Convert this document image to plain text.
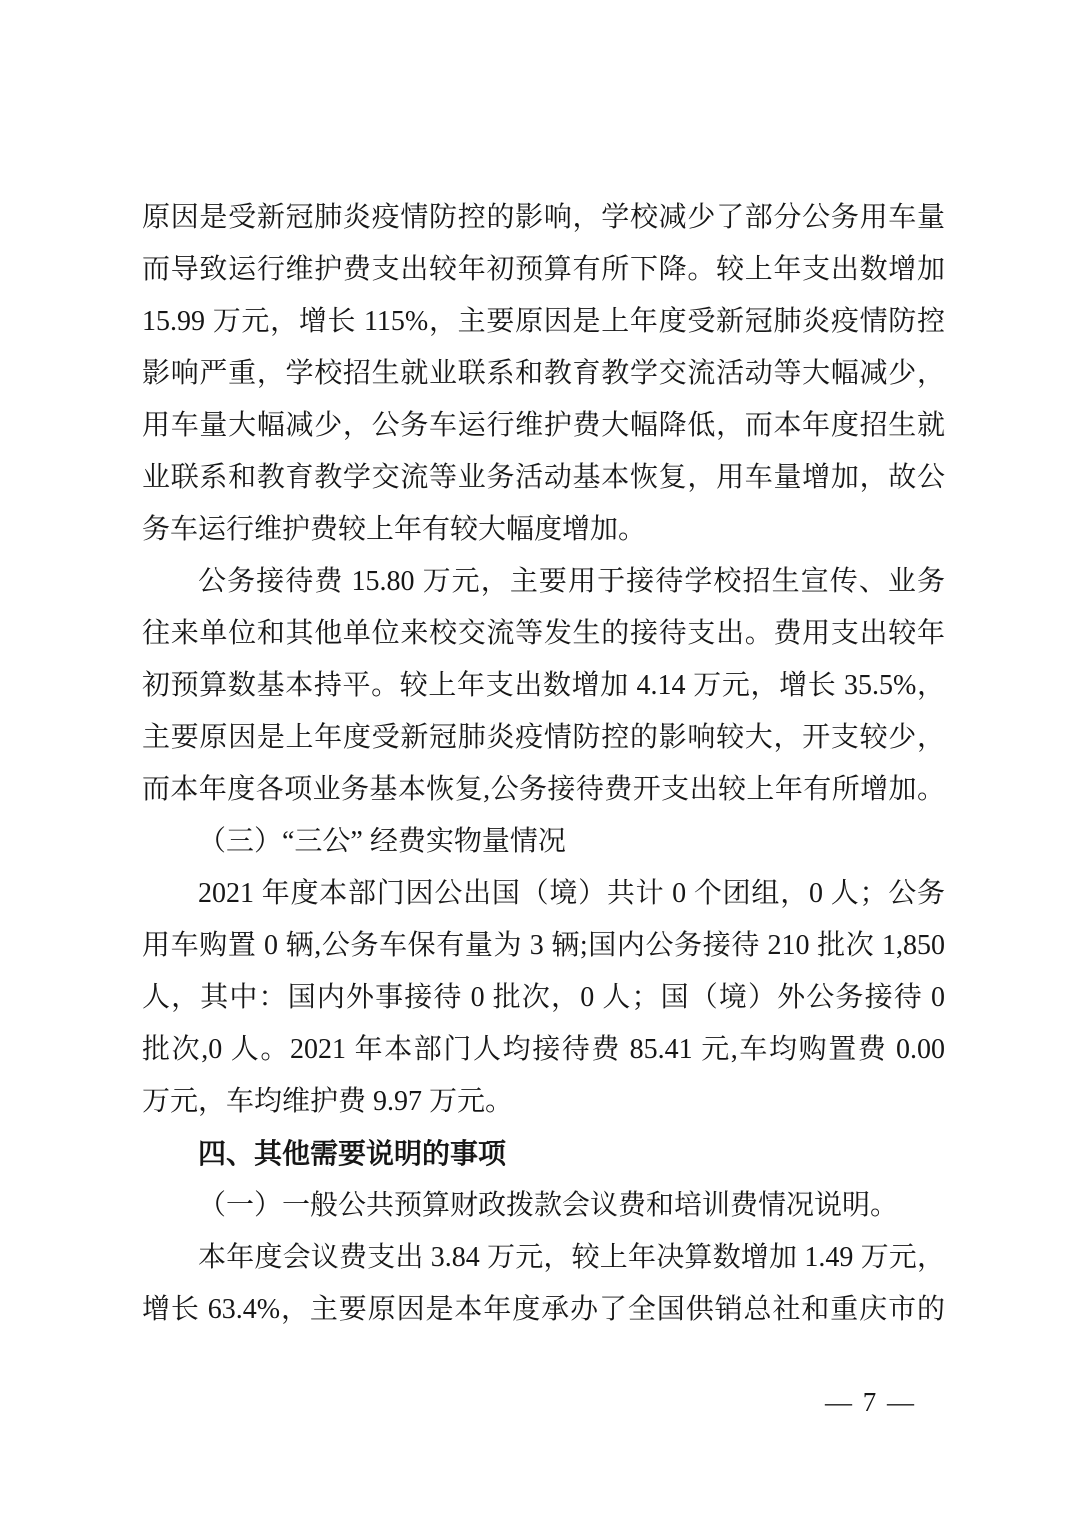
原因是受新冠肺炎疫情防控的影响，学校减少了部分公务用车量
而导致运行维护费支出较年初预算有所下降。较上年支出数增加
15.99 万元，增长 115%，主要原因是上年度受新冠肺炎疫情防控
影响严重，学校招生就业联系和教育教学交流活动等大幅减少，
用车量大幅减少，公务车运行维护费大幅降低，而本年度招生就
业联系和教育教学交流等业务活动基本恢复，用车量增加，故公
务车运行维护费较上年有较大幅度增加。
公务接待费 15.80 万元，主要用于接待学校招生宣传、业务
往来单位和其他单位来校交流等发生的接待支出。费用支出较年
初预算数基本持平。较上年支出数增加 4.14 万元，增长 35.5%，
主要原因是上年度受新冠肺炎疫情防控的影响较大，开支较少，
而本年度各项业务基本恢复,公务接待费开支出较上年有所增加。
（三）“三公” 经费实物量情况
2021 年度本部门因公出国（境）共计 0 个团组，0 人；公务
用车购置 0 辆,公务车保有量为 3 辆;国内公务接待 210 批次 1,850
人，其中：国内外事接待 0 批次，0 人；国（境）外公务接待 0
批次,0 人。2021 年本部门人均接待费 85.41 元,车均购置费 0.00
万元，车均维护费 9.97 万元。
四、其他需要说明的事项
（一）一般公共预算财政拨款会议费和培训费情况说明。
本年度会议费支出 3.84 万元，较上年决算数增加 1.49 万元，
增长 63.4%，主要原因是本年度承办了全国供销总社和重庆市的
— 7 —
